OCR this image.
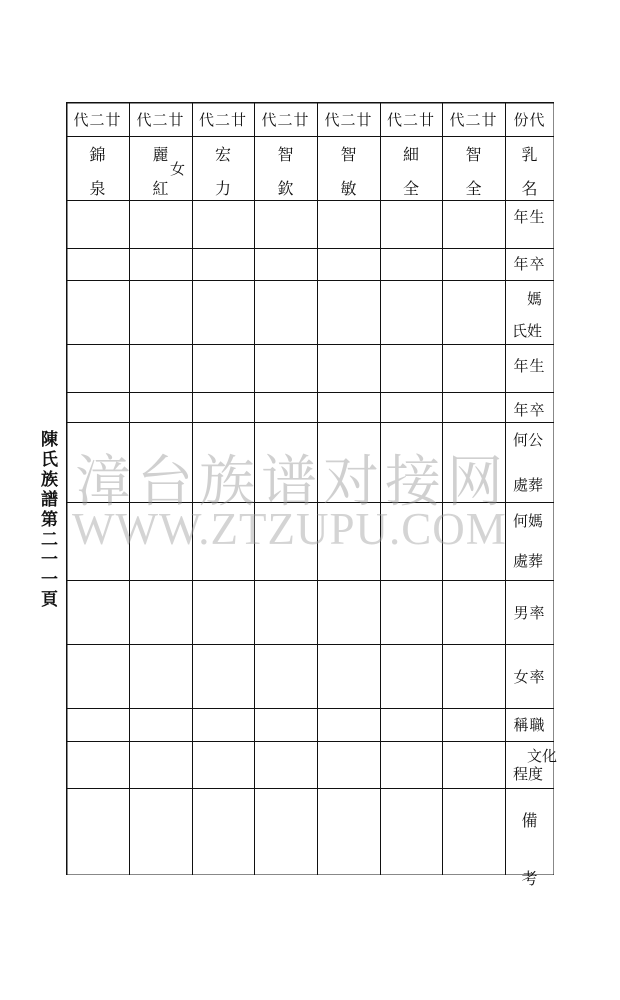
代二廿 代二廿 代二廿 代二廿 代二廿 代二廿 代二廿	份代
錦
泉
麗
紅
女
宏
力
智
欽
智
敏
細
全
智
全
乳
名
年生
年卒
媽
氏姓
年生
年卒
何公
處葬
何媽
處葬
男率
女率
稱職
文化
程度
備
考
陳氏族譜第二一一頁 漳台族谱对接网
WWW.ZTZUPU.COM
